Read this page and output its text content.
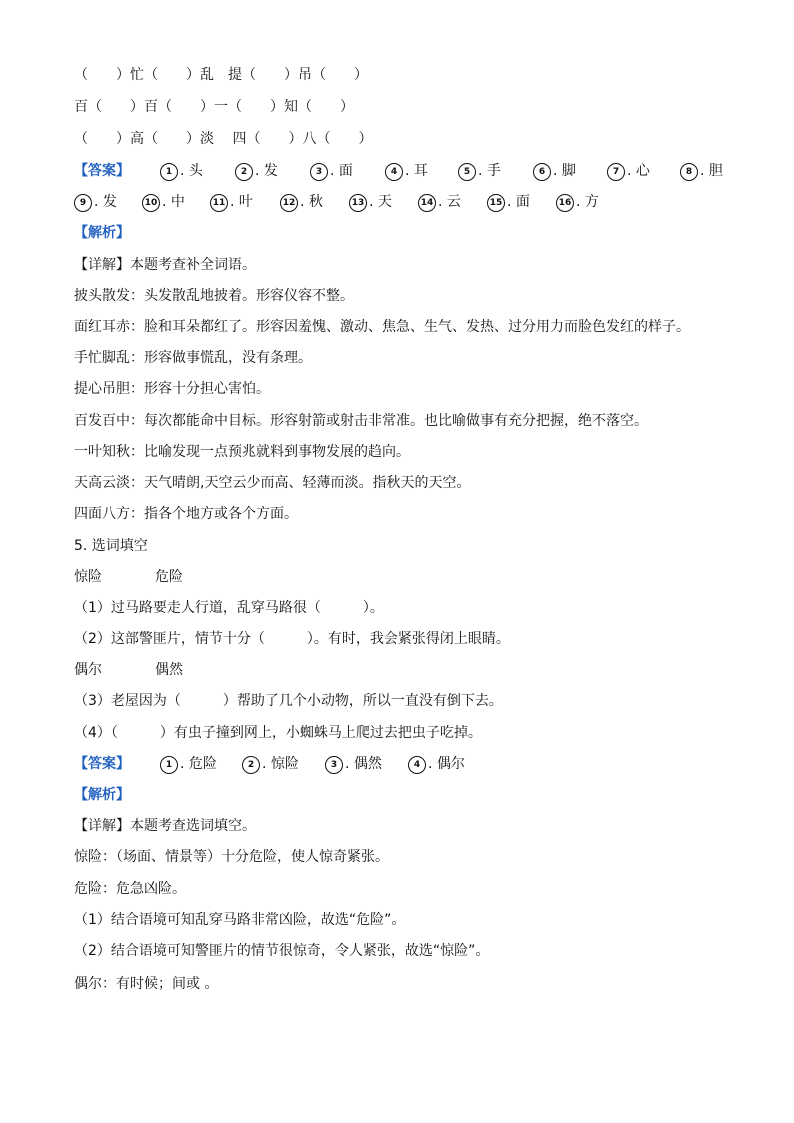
（　　）忙（　　）乱　提（　　）吊（　　）
百（　　）百（　　）一（　　）知（　　）
（　　）高（　　）淡　 四（　　）八（　　）
【答案】	1 . 头	2 . 发	3 . 面	4 . 耳	5 . 手	6 . 脚	7 . 心	8 . 胆
9 . 发	10 . 中	11 . 叶	12 . 秋	13 . 天	14 . 云	15 . 面	16 . 方
【解析】
【详解】本题考查补全词语。
披头散发：头发散乱地披着。形容仪容不整。
面红耳赤：脸和耳朵都红了。形容因羞愧、激动、焦急、生气、发热、过分用力而脸色发红的样子。
手忙脚乱：形容做事慌乱，没有条理。
提心吊胆：形容十分担心害怕。
百发百中：每次都能命中目标。形容射箭或射击非常准。也比喻做事有充分把握，绝不落空。
一叶知秋：比喻发现一点预兆就料到事物发展的趋向。
天高云淡：天气晴朗,天空云少而高、轻薄而淡。指秋天的天空。
四面八方：指各个地方或各个方面。
5. 选词填空
惊险	危险
（1）过马路要走人行道，乱穿马路很（　　　）。
（2）这部警匪片，情节十分（　　　）。有时，我会紧张得闭上眼睛。
偶尔	偶然
（3）老屋因为（　　　）帮助了几个小动物，所以一直没有倒下去。
（4）（　　　）有虫子撞到网上，小蜘蛛马上爬过去把虫子吃掉。
【答案】	1 . 危险	2 . 惊险	3 . 偶然	4 . 偶尔
【解析】
【详解】本题考查选词填空。
惊险：（场面、情景等）十分危险，使人惊奇紧张。
危险：危急凶险。
（1）结合语境可知乱穿马路非常凶险，故选“危险”。
（2）结合语境可知警匪片的情节很惊奇，令人紧张，故选“惊险”。
偶尔：有时候；间或 。
